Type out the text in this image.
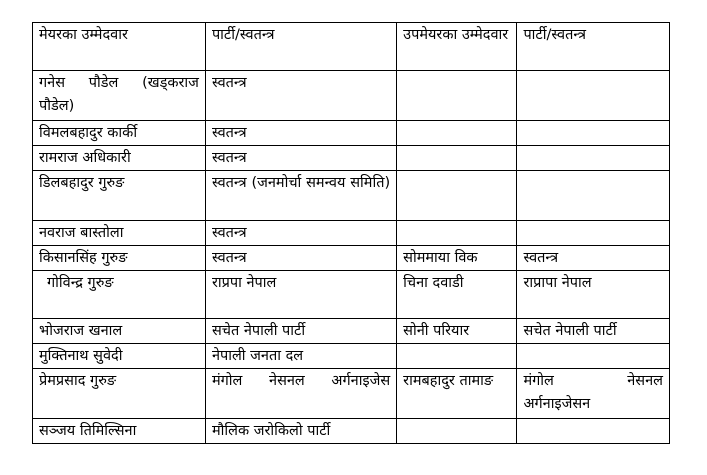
मेयरका उम्मेदवार	पार्टी/स्वतन्त्र	उपमेयरका उम्मेदवार	पार्टी/स्वतन्त्र
गनेस पौडेल (खड्कराज पौडेल)	स्वतन्त्र		
विमलबहादुर कार्की	स्वतन्त्र		
रामराज अधिकारी	स्वतन्त्र		
डिलबहादुर गुरुङ	स्वतन्त्र (जनमोर्चा समन्वय समिति)		
नवराज बास्तोला	स्वतन्त्र		
किसानसिंह गुरुङ	स्वतन्त्र	सोममाया विक	स्वतन्त्र
गोविन्द्र गुरुङ	राप्रपा नेपाल	चिना दवाडी	राप्रापा नेपाल
भोजराज खनाल	सचेत नेपाली पार्टी	सोनी परियार	सचेत नेपाली पार्टी
मुक्तिनाथ सुवेदी	नेपाली जनता दल		
प्रेमप्रसाद गुरुङ	मंगोल नेसनल अर्गनाइजेस	रामबहादुर तामाङ	मंगोल नेसनल अर्गनाइजेसन
सञ्जय तिमिल्सिना	मौलिक जरोकिलो पार्टी		
